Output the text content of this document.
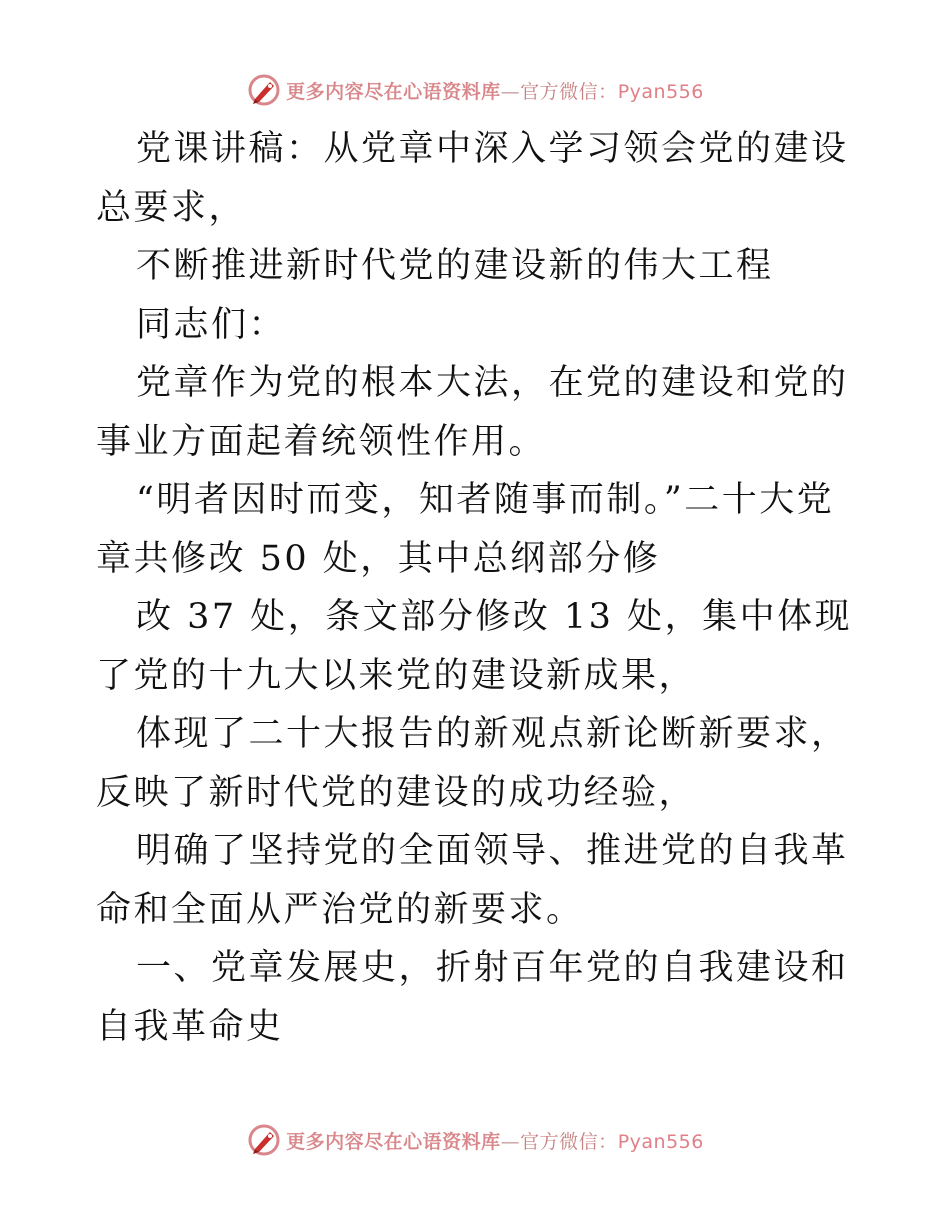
更多内容尽在心语资料库—官方微信：Pyan556

党课讲稿：从党章中深入学习领会党的建设总要求，

不断推进新时代党的建设新的伟大工程

同志们：

党章作为党的根本大法，在党的建设和党的事业方面起着统领性作用。

“明者因时而变，知者随事而制。”二十大党章共修改 50 处，其中总纲部分修

改 37 处，条文部分修改 13 处，集中体现了党的十九大以来党的建设新成果，

体现了二十大报告的新观点新论断新要求，反映了新时代党的建设的成功经验，

明确了坚持党的全面领导、推进党的自我革命和全面从严治党的新要求。

一、党章发展史，折射百年党的自我建设和自我革命史

更多内容尽在心语资料库—官方微信：Pyan556
